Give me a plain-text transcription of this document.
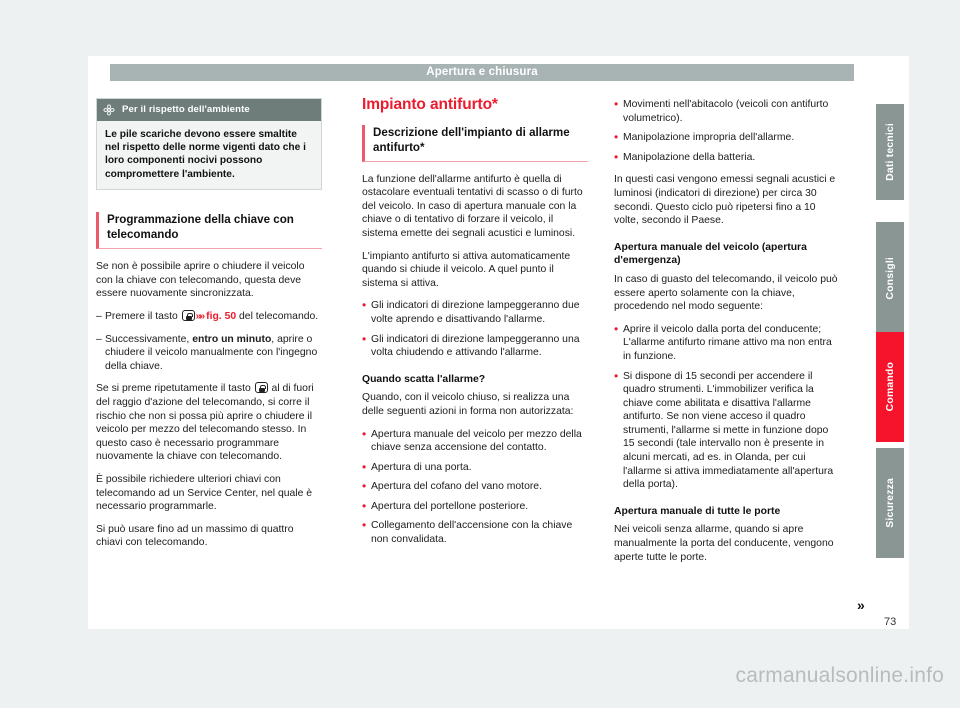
Apertura e chiusura
Per il rispetto dell'ambiente
Le pile scariche devono essere smaltite nel rispetto delle norme vigenti dato che i loro componenti nocivi possono compromettere l'ambiente.
Programmazione della chiave con telecomando

Se non è possibile aprire o chiudere il veicolo con la chiave con telecomando, questa deve essere nuovamente sincronizzata.

– Premere il tasto »» fig. 50 del telecomando.
– Successivamente, entro un minuto, aprire o chiudere il veicolo manualmente con l'ingegno della chiave.

Se si preme ripetutamente il tasto  al di fuori del raggio d'azione del telecomando, si corre il rischio che non si possa più aprire o chiudere il veicolo per mezzo del telecomando stesso. In questo caso è necessario programmare nuovamente la chiave con telecomando.

È possibile richiedere ulteriori chiavi con telecomando ad un Service Center, nel quale è necessario programmarle.

Si può usare fino ad un massimo di quattro chiavi con telecomando.

Impianto antifurto*
Descrizione dell'impianto di allarme antifurto*

La funzione dell'allarme antifurto è quella di ostacolare eventuali tentativi di scasso o di furto del veicolo. In caso di apertura manuale con la chiave o di tentativo di forzare il veicolo, il sistema emette dei segnali acustici e luminosi.

L'impianto antifurto si attiva automaticamente quando si chiude il veicolo. A quel punto il sistema si attiva.

• Gli indicatori di direzione lampeggeranno due volte aprendo e disattivando l'allarme.
• Gli indicatori di direzione lampeggeranno una volta chiudendo e attivando l'allarme.
Quando scatta l'allarme?

Quando, con il veicolo chiuso, si realizza una delle seguenti azioni in forma non autorizzata:

• Apertura manuale del veicolo per mezzo della chiave senza accensione del contatto.
• Apertura di una porta.
• Apertura del cofano del vano motore.
• Apertura del portellone posteriore.
• Collegamento dell'accensione con la chiave non convalidata.
• Movimenti nell'abitacolo (veicoli con antifurto volumetrico).
• Manipolazione impropria dell'allarme.
• Manipolazione della batteria.

In questi casi vengono emessi segnali acustici e luminosi (indicatori di direzione) per circa 30 secondi. Questo ciclo può ripetersi fino a 10 volte, secondo il Paese.

Apertura manuale del veicolo (apertura d'emergenza)

In caso di guasto del telecomando, il veicolo può essere aperto solamente con la chiave, procedendo nel modo seguente:

• Aprire il veicolo dalla porta del conducente; L'allarme antifurto rimane attivo ma non entra in funzione.
• Si dispone di 15 secondi per accendere il quadro strumenti. L'immobilizer verifica la chiave come abilitata e disattiva l'allarme antifurto. Se non viene acceso il quadro strumenti, l'allarme si mette in funzione dopo 15 secondi (tale intervallo non è presente in alcuni mercati, ad es. in Olanda, per cui l'allarme si attiva immediatamente all'apertura della porta).
Apertura manuale di tutte le porte

Nei veicoli senza allarme, quando si apre manualmente la porta del conducente, vengono aperte tutte le porte.

Dati tecnici
Consigli
Comando
Sicurezza
»
73
carmanualsonline.info
